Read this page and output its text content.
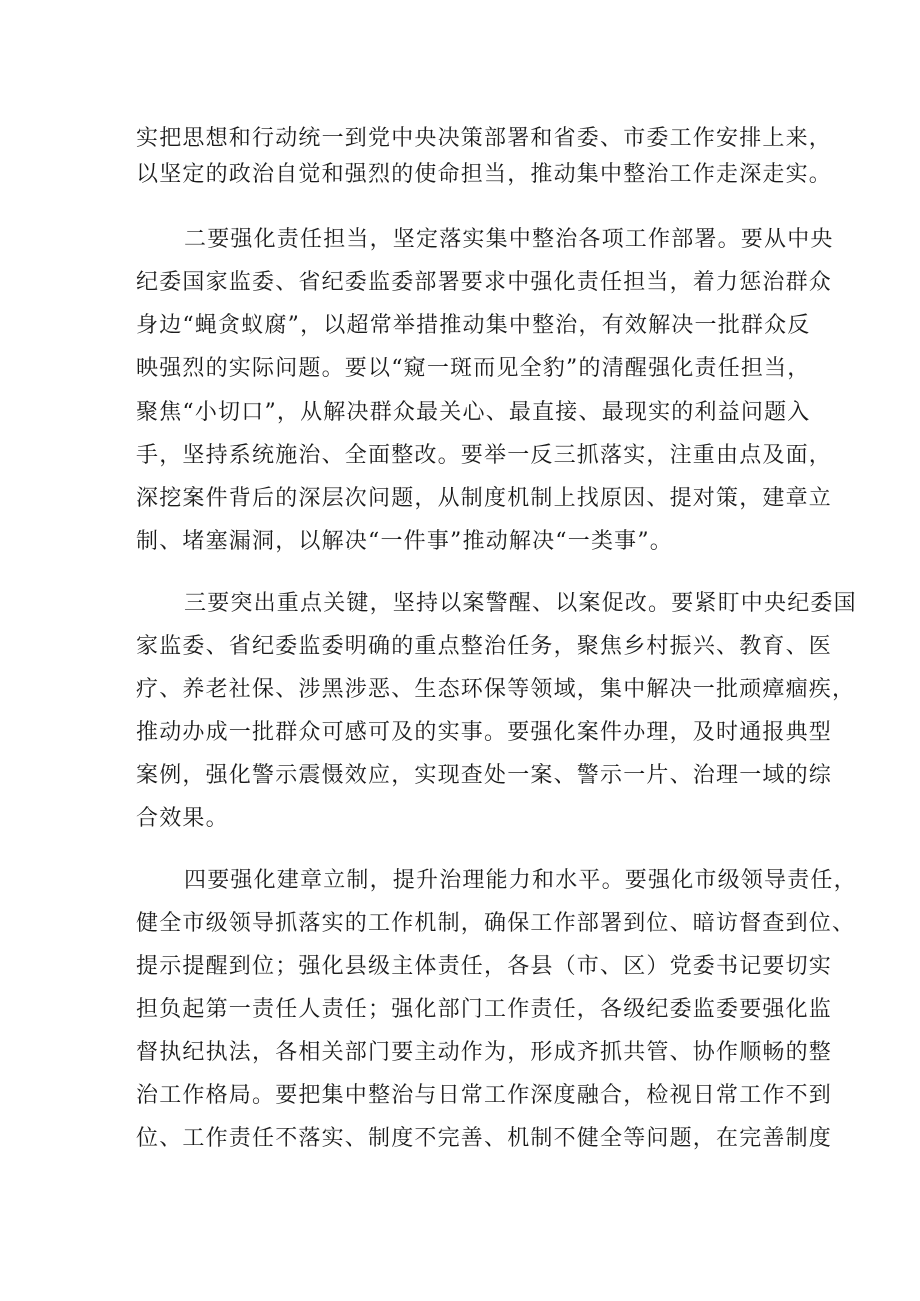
实把思想和行动统一到党中央决策部署和省委、市委工作安排上来，
以坚定的政治自觉和强烈的使命担当，推动集中整治工作走深走实。
二要强化责任担当，坚定落实集中整治各项工作部署。要从中央
纪委国家监委、省纪委监委部署要求中强化责任担当，着力惩治群众
身边“蝇贪蚁腐”，以超常举措推动集中整治，有效解决一批群众反
映强烈的实际问题。要以“窥一斑而见全豹”的清醒强化责任担当，
聚焦“小切口”，从解决群众最关心、最直接、最现实的利益问题入
手，坚持系统施治、全面整改。要举一反三抓落实，注重由点及面，
深挖案件背后的深层次问题，从制度机制上找原因、提对策，建章立
制、堵塞漏洞，以解决“一件事”推动解决“一类事”。
三要突出重点关键，坚持以案警醒、以案促改。要紧盯中央纪委国
家监委、省纪委监委明确的重点整治任务，聚焦乡村振兴、教育、医
疗、养老社保、涉黑涉恶、生态环保等领域，集中解决一批顽瘴痼疾，
推动办成一批群众可感可及的实事。要强化案件办理，及时通报典型
案例，强化警示震慑效应，实现查处一案、警示一片、治理一域的综
合效果。
四要强化建章立制，提升治理能力和水平。要强化市级领导责任，
健全市级领导抓落实的工作机制，确保工作部署到位、暗访督查到位、
提示提醒到位；强化县级主体责任，各县（市、区）党委书记要切实
担负起第一责任人责任；强化部门工作责任，各级纪委监委要强化监
督执纪执法，各相关部门要主动作为，形成齐抓共管、协作顺畅的整
治工作格局。要把集中整治与日常工作深度融合，检视日常工作不到
位、工作责任不落实、制度不完善、机制不健全等问题，在完善制度
